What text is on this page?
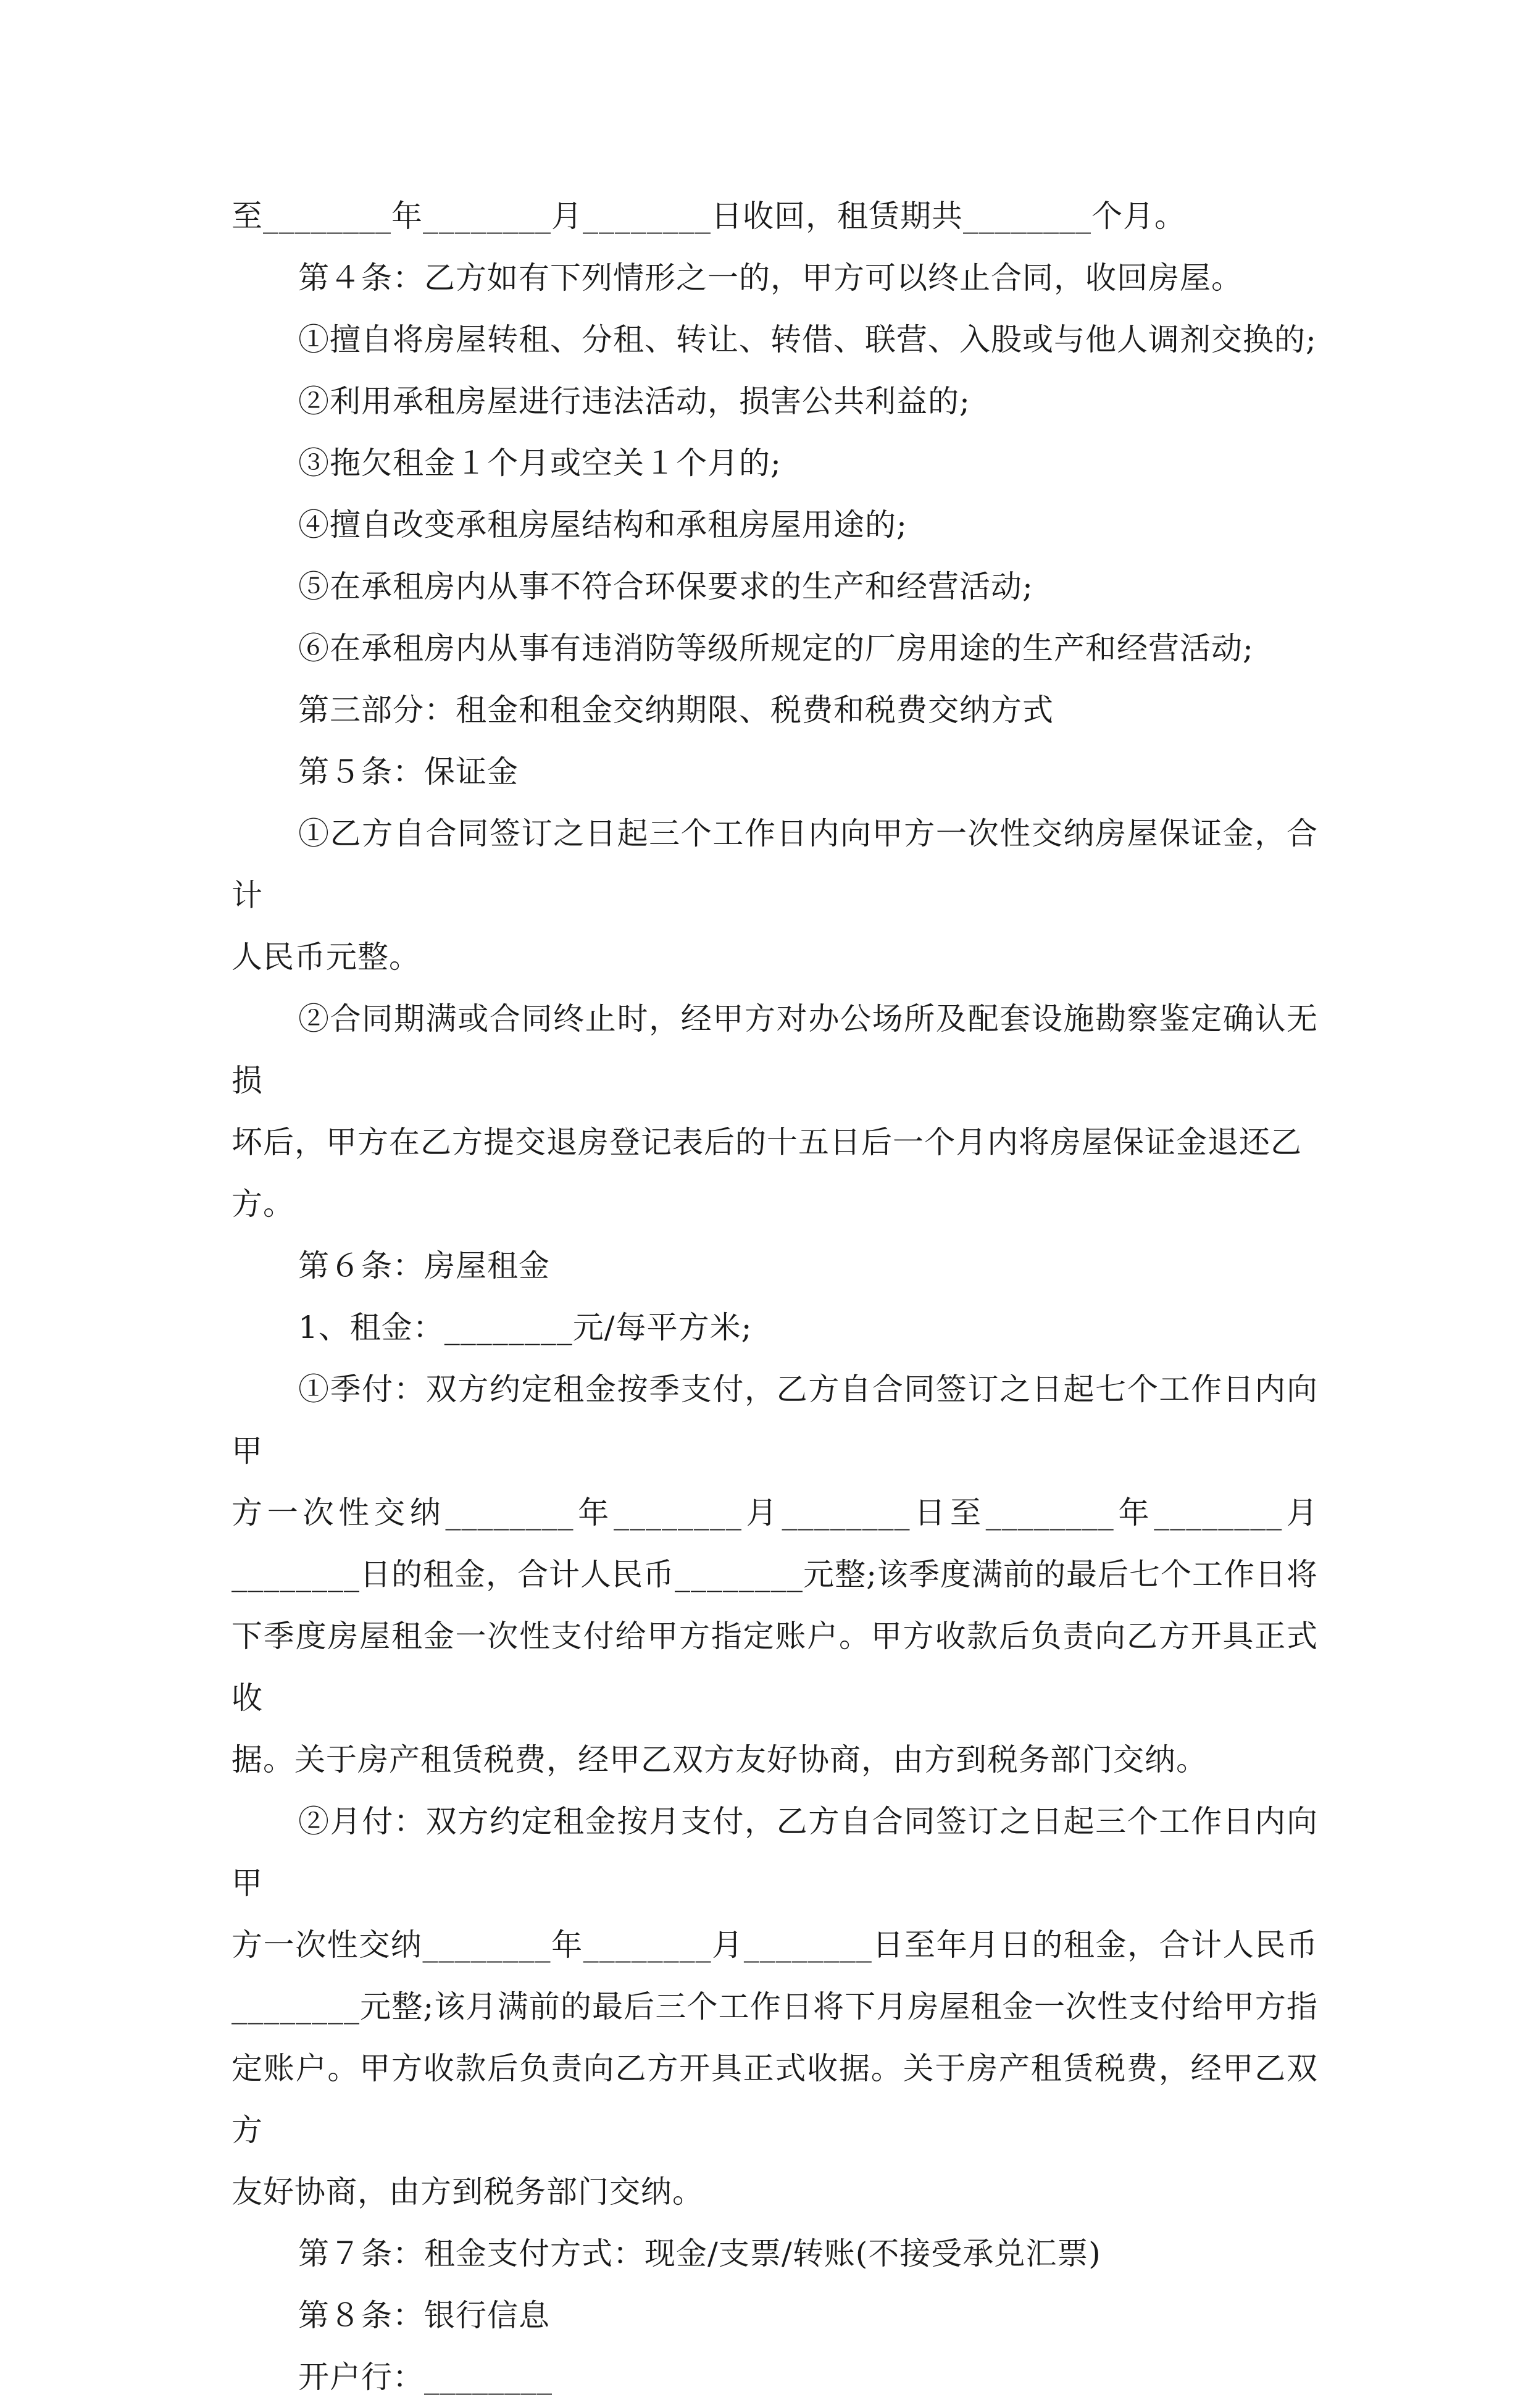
至________年________月________日收回，租赁期共________个月。

第４条：乙方如有下列情形之一的，甲方可以终止合同，收回房屋。

①擅自将房屋转租、分租、转让、转借、联营、入股或与他人调剂交换的;

②利用承租房屋进行违法活动，损害公共利益的;

③拖欠租金１个月或空关１个月的;

④擅自改变承租房屋结构和承租房屋用途的;

⑤在承租房内从事不符合环保要求的生产和经营活动;

⑥在承租房内从事有违消防等级所规定的厂房用途的生产和经营活动;

第三部分：租金和租金交纳期限、税费和税费交纳方式

第５条：保证金

①乙方自合同签订之日起三个工作日内向甲方一次性交纳房屋保证金，合计

人民币元整。

②合同期满或合同终止时，经甲方对办公场所及配套设施勘察鉴定确认无损

坏后，甲方在乙方提交退房登记表后的十五日后一个月内将房屋保证金退还乙方。

第６条：房屋租金

1、租金：________元/每平方米;

①季付：双方约定租金按季支付，乙方自合同签订之日起七个工作日内向甲

方一次性交纳________年________月________日至________年________月

________日的租金，合计人民币________元整;该季度满前的最后七个工作日将

下季度房屋租金一次性支付给甲方指定账户。甲方收款后负责向乙方开具正式收

据。关于房产租赁税费，经甲乙双方友好协商，由方到税务部门交纳。

②月付：双方约定租金按月支付，乙方自合同签订之日起三个工作日内向甲

方一次性交纳________年________月________日至年月日的租金，合计人民币

________元整;该月满前的最后三个工作日将下月房屋租金一次性支付给甲方指

定账户。甲方收款后负责向乙方开具正式收据。关于房产租赁税费，经甲乙双方

友好协商，由方到税务部门交纳。

第７条：租金支付方式：现金/支票/转账(不接受承兑汇票)

第８条：银行信息

开户行：________
